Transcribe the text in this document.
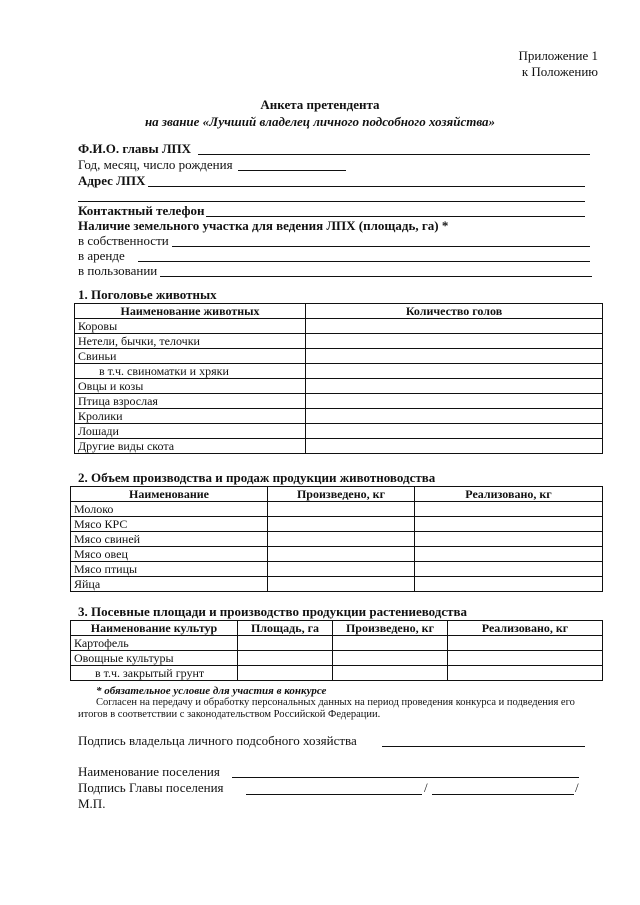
Приложение 1
к Положению
Анкета претендента
на звание «Лучший владелец личного подсобного хозяйства»
Ф.И.О. главы ЛПХ
Год, месяц, число рождения
Адрес ЛПХ
Контактный телефон
Наличие земельного участка для ведения ЛПХ (площадь, га) *
в собственности
в аренде
в пользовании
1. Поголовье животных
Наименование животных	Количество голов
Коровы	
Нетели, бычки, телочки	
Свиньи	
в т.ч. свиноматки и хряки	
Овцы и козы	
Птица взрослая	
Кролики	
Лошади	
Другие виды скота	
2. Объем производства и продаж продукции животноводства
Наименование	Произведено, кг	Реализовано, кг
Молоко		
Мясо КРС		
Мясо свиней		
Мясо овец		
Мясо птицы		
Яйца		
3. Посевные площади и производство продукции растениеводства
Наименование культур	Площадь, га	Произведено, кг	Реализовано, кг
Картофель			
Овощные культуры			
в т.ч. закрытый грунт			
* обязательное условие для участия в конкурсе
Согласен на передачу и обработку персональных данных на период проведения конкурса и подведения его
итогов в соответствии с законодательством Российской Федерации.
Подпись владельца личного подсобного хозяйства
Наименование поселения
Подпись Главы поселения	/	/
М.П.
